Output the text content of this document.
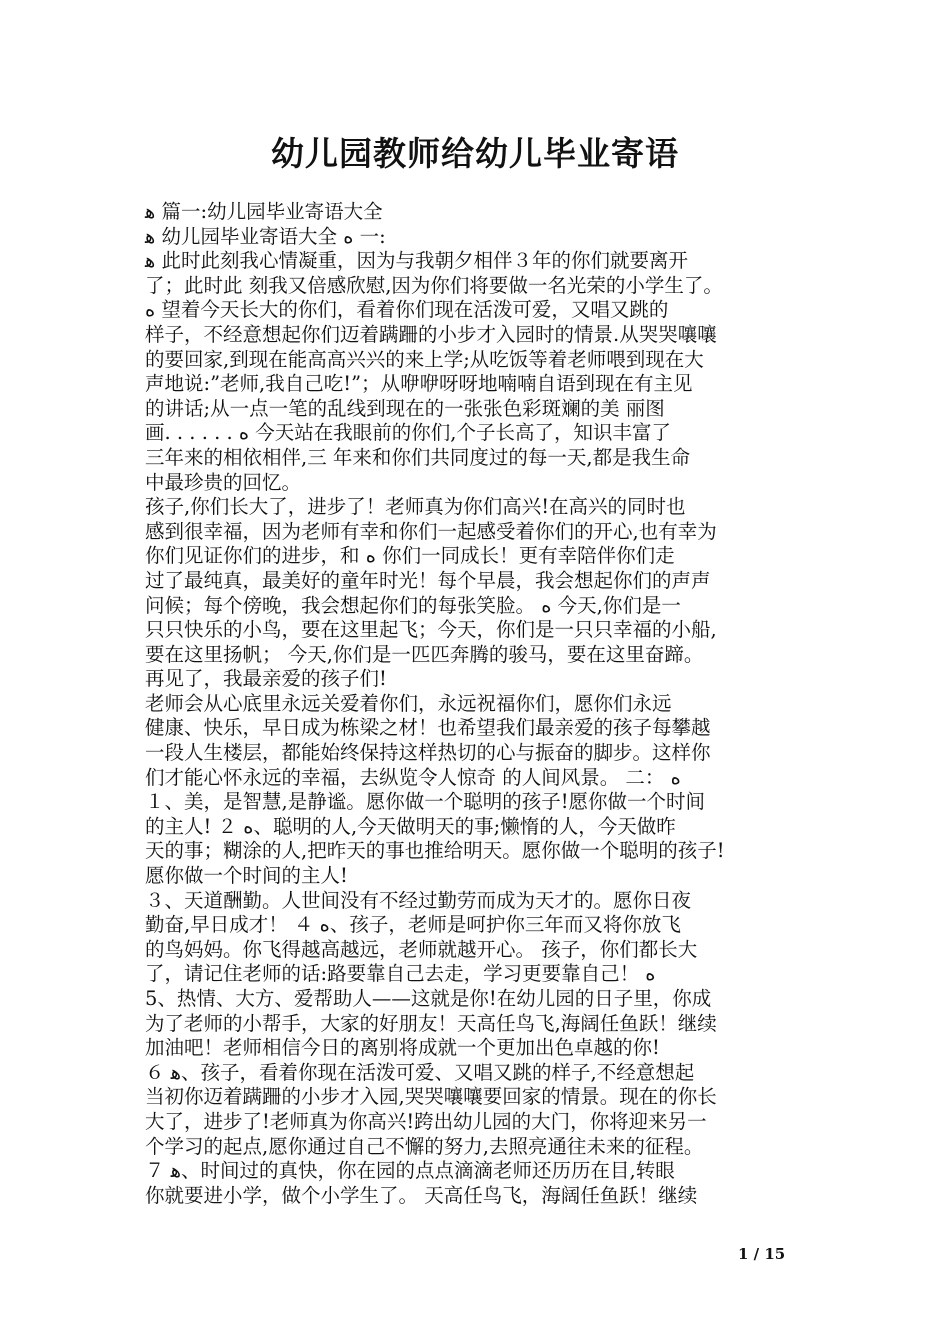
幼儿园教师给幼儿毕业寄语
ﻫ 篇一:幼儿园毕业寄语大全
ﻫ 幼儿园毕业寄语大全 ﻩ 一:
ﻫ 此时此刻我心情凝重，因为与我朝夕相伴３年的你们就要离开
了；此时此 刻我又倍感欣慰,因为你们将要做一名光荣的小学生了。
ﻩ 望着今天长大的你们，看着你们现在活泼可爱，又唱又跳的
样子，不经意想起你们迈着蹒跚的小步才入园时的情景.从哭哭嚷嚷
的要回家,到现在能高高兴兴的来上学;从吃饭等着老师喂到现在大
声地说:”老师,我自己吃!”；从咿咿呀呀地喃喃自语到现在有主见
的讲话;从一点一笔的乱线到现在的一张张色彩斑斓的美 丽图
画. . . . . . ﻩ 今天站在我眼前的你们,个子长高了，知识丰富了
三年来的相依相伴,三 年来和你们共同度过的每一天,都是我生命
中最珍贵的回忆。
孩子,你们长大了，进步了！老师真为你们高兴!在高兴的同时也
感到很幸福，因为老师有幸和你们一起感受着你们的开心,也有幸为
你们见证你们的进步，和 ﻩ 你们一同成长！更有幸陪伴你们走
过了最纯真，最美好的童年时光！每个早晨，我会想起你们的声声
问候；每个傍晚，我会想起你们的每张笑脸。 ﻩ 今天,你们是一
只只快乐的小鸟，要在这里起飞；今天，你们是一只只幸福的小船,
要在这里扬帆； 今天,你们是一匹匹奔腾的骏马，要在这里奋蹄。
再见了，我最亲爱的孩子们!
老师会从心底里永远关爱着你们，永远祝福你们，愿你们永远
健康、快乐，早日成为栋梁之材！也希望我们最亲爱的孩子每攀越
一段人生楼层，都能始终保持这样热切的心与振奋的脚步。这样你
们才能心怀永远的幸福，去纵览令人惊奇 的人间风景。 二： ﻩ
１、美，是智慧,是静谧。愿你做一个聪明的孩子!愿你做一个时间
的主人! ２ ﻩ、聪明的人,今天做明天的事;懒惰的人，今天做昨
天的事；糊涂的人,把昨天的事也推给明天。愿你做一个聪明的孩子!
愿你做一个时间的主人!
３、天道酬勤。人世间没有不经过勤劳而成为天才的。愿你日夜
勤奋,早日成才！ ４ ﻩ、孩子，老师是呵护你三年而又将你放飞
的鸟妈妈。你飞得越高越远，老师就越开心。 孩子，你们都长大
了，请记住老师的话:路要靠自己去走，学习更要靠自己！ ﻩ
5、热情、大方、爱帮助人——这就是你!在幼儿园的日子里，你成
为了老师的小帮手，大家的好朋友！天高任鸟飞,海阔任鱼跃！继续
加油吧！老师相信今日的离别将成就一个更加出色卓越的你!
６ ﻫ、孩子，看着你现在活泼可爱、又唱又跳的样子,不经意想起
当初你迈着蹒跚的小步才入园,哭哭嚷嚷要回家的情景。现在的你长
大了，进步了!老师真为你高兴!跨出幼儿园的大门，你将迎来另一
个学习的起点,愿你通过自己不懈的努力,去照亮通往未来的征程。
７ ﻫ、时间过的真快，你在园的点点滴滴老师还历历在目,转眼
你就要进小学，做个小学生了。 天高任鸟飞，海阔任鱼跃！继续
1 / 15
